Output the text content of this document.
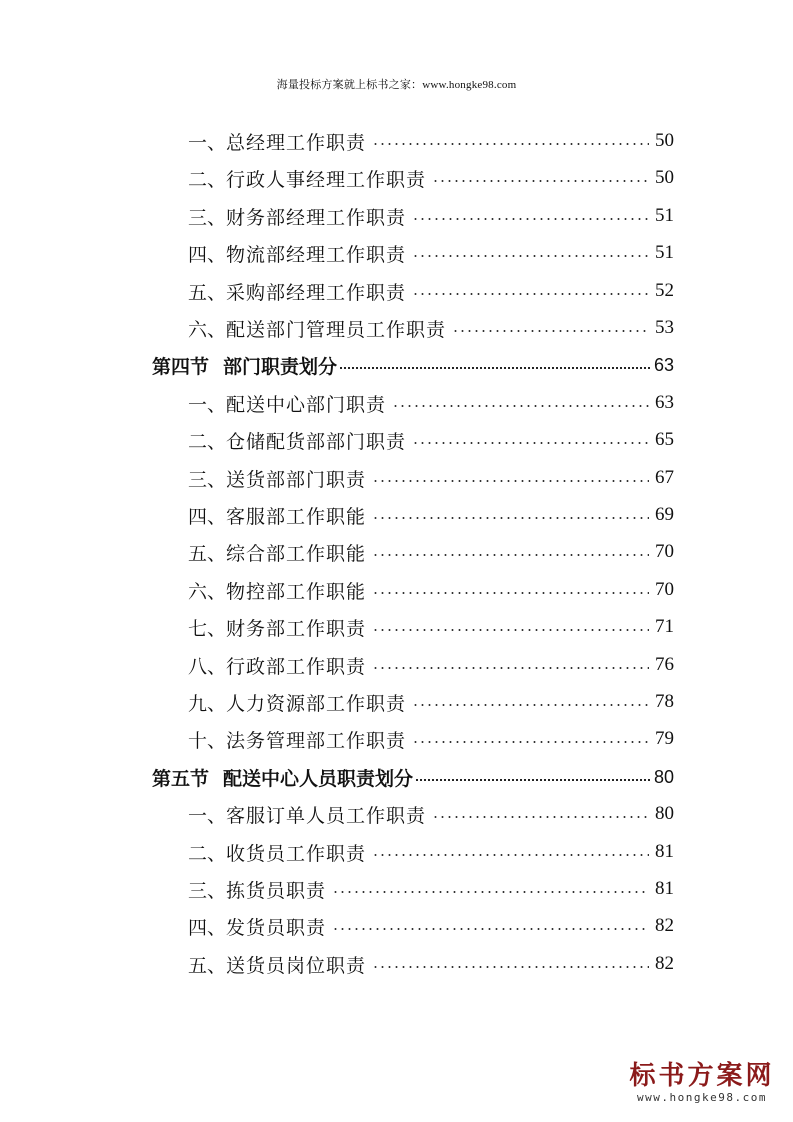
海量投标方案就上标书之家：www.hongke98.com
一、 总经理工作职责	50
二、 行政人事经理工作职责	50
三、 财务部经理工作职责	51
四、 物流部经理工作职责	51
五、 采购部经理工作职责	52
六、 配送部门管理员工作职责	53
第四节 部门职责划分	63
一、 配送中心部门职责	63
二、 仓储配货部部门职责	65
三、 送货部部门职责	67
四、 客服部工作职能	69
五、 综合部工作职能	70
六、 物控部工作职能	70
七、 财务部工作职责	71
八、 行政部工作职责	76
九、 人力资源部工作职责	78
十、 法务管理部工作职责	79
第五节 配送中心人员职责划分	80
一、 客服订单人员工作职责	80
二、 收货员工作职责	81
三、 拣货员职责	81
四、 发货员职责	82
五、 送货员岗位职责	82
标书方案网
www.hongke98.com
